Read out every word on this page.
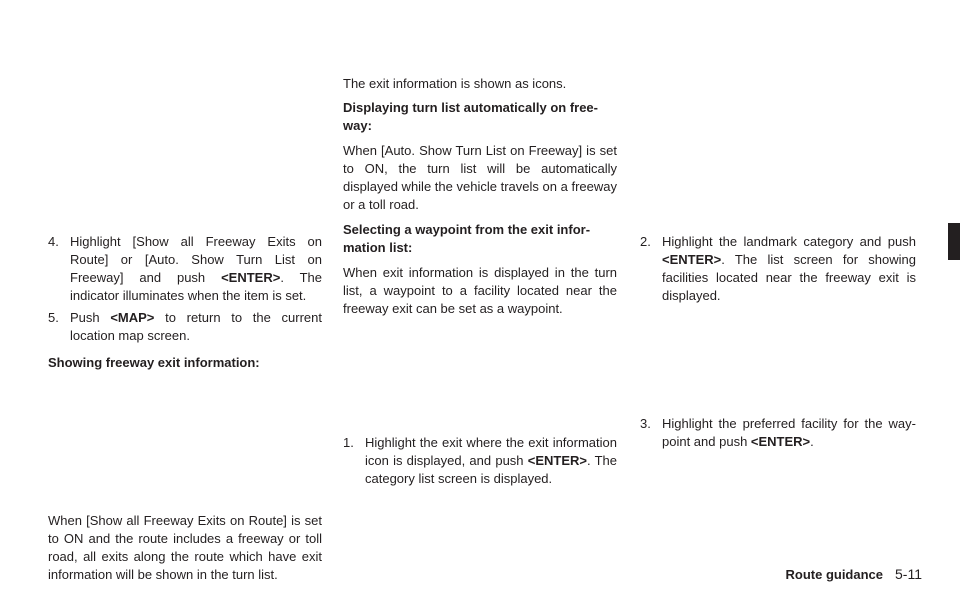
4. Highlight [Show all Freeway Exits on Route] or [Auto. Show Turn List on Freeway] and push <ENTER>. The indicator illuminates when the item is set.
5. Push <MAP> to return to the current location map screen.

Showing freeway exit information:

When [Show all Freeway Exits on Route] is set to ON and the route includes a freeway or toll road, all exits along the route which have exit information will be shown in the turn list.

The exit information is shown as icons.

Displaying turn list automatically on free-way:

When [Auto. Show Turn List on Freeway] is set to ON, the turn list will be automatically displayed while the vehicle travels on a freeway or a toll road.

Selecting a waypoint from the exit infor-mation list:

When exit information is displayed in the turn list, a waypoint to a facility located near the freeway exit can be set as a waypoint.

1. Highlight the exit where the exit information icon is displayed, and push <ENTER>. The category list screen is displayed.
2. Highlight the landmark category and push <ENTER>. The list screen for showing facilities located near the freeway exit is displayed.
3. Highlight the preferred facility for the way-point and push <ENTER>.
Route guidance 5-11
